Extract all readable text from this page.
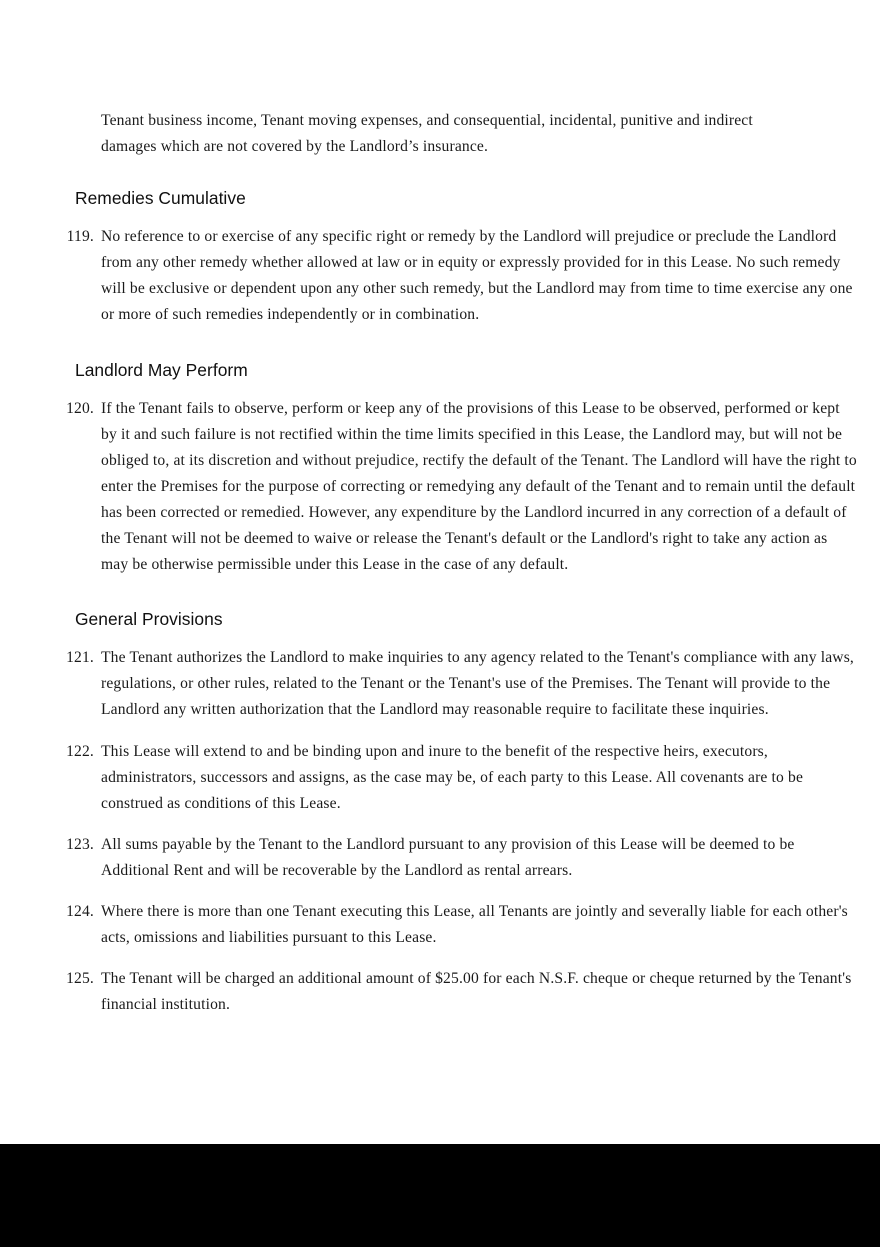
Tenant business income, Tenant moving expenses, and consequential, incidental, punitive and indirect damages which are not covered by the Landlord’s insurance.

Remedies Cumulative
119. No reference to or exercise of any specific right or remedy by the Landlord will prejudice or preclude the Landlord from any other remedy whether allowed at law or in equity or expressly provided for in this Lease. No such remedy will be exclusive or dependent upon any other such remedy, but the Landlord may from time to time exercise any one or more of such remedies independently or in combination.
Landlord May Perform
120. If the Tenant fails to observe, perform or keep any of the provisions of this Lease to be observed, performed or kept by it and such failure is not rectified within the time limits specified in this Lease, the Landlord may, but will not be obliged to, at its discretion and without prejudice, rectify the default of the Tenant. The Landlord will have the right to enter the Premises for the purpose of correcting or remedying any default of the Tenant and to remain until the default has been corrected or remedied. However, any expenditure by the Landlord incurred in any correction of a default of the Tenant will not be deemed to waive or release the Tenant's default or the Landlord's right to take any action as may be otherwise permissible under this Lease in the case of any default.
General Provisions
121. The Tenant authorizes the Landlord to make inquiries to any agency related to the Tenant's compliance with any laws, regulations, or other rules, related to the Tenant or the Tenant's use of the Premises. The Tenant will provide to the Landlord any written authorization that the Landlord may reasonable require to facilitate these inquiries.
122. This Lease will extend to and be binding upon and inure to the benefit of the respective heirs, executors, administrators, successors and assigns, as the case may be, of each party to this Lease. All covenants are to be construed as conditions of this Lease.
123. All sums payable by the Tenant to the Landlord pursuant to any provision of this Lease will be deemed to be Additional Rent and will be recoverable by the Landlord as rental arrears.
124. Where there is more than one Tenant executing this Lease, all Tenants are jointly and severally liable for each other's acts, omissions and liabilities pursuant to this Lease.
125. The Tenant will be charged an additional amount of $25.00 for each N.S.F. cheque or cheque returned by the Tenant's financial institution.
